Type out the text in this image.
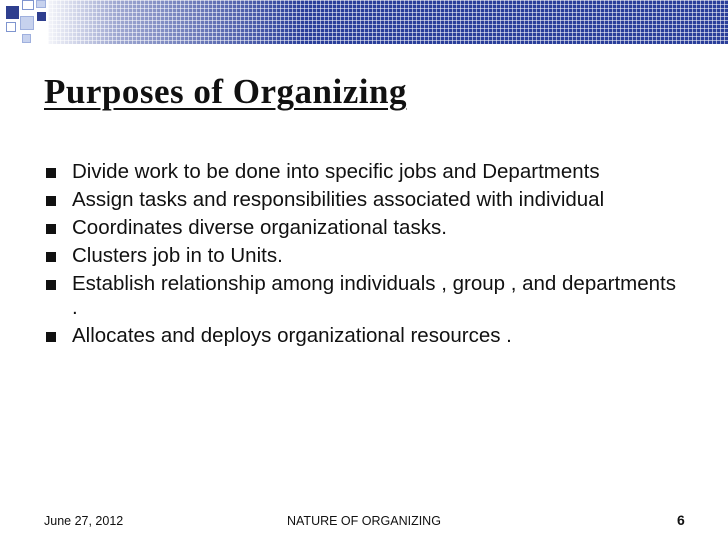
Purposes of Organizing
Divide work to be done into specific jobs and Departments
Assign tasks and responsibilities associated with individual
Coordinates diverse organizational tasks.
Clusters job in to Units.
Establish relationship among individuals , group , and departments .
Allocates and deploys organizational resources .
June 27, 2012	NATURE OF ORGANIZING	6
